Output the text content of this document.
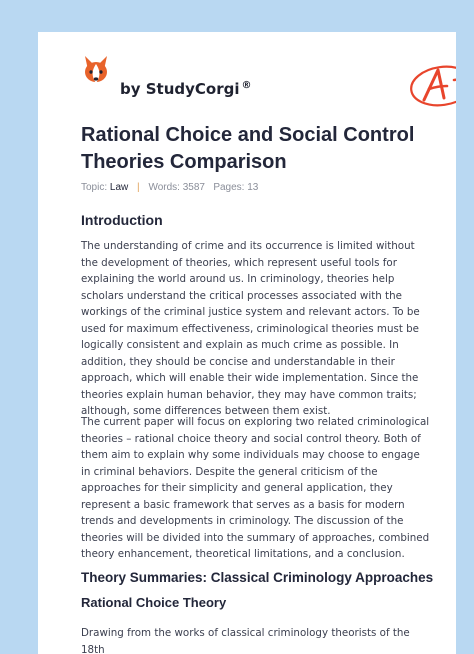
by StudyCorgi ®
Rational Choice and Social Control Theories Comparison
Topic: Law | Words: 3587 Pages: 13
Introduction

The understanding of crime and its occurrence is limited without the development of theories, which represent useful tools for explaining the world around us. In criminology, theories help scholars understand the critical processes associated with the workings of the criminal justice system and relevant actors. To be used for maximum effectiveness, criminological theories must be logically consistent and explain as much crime as possible. In addition, they should be concise and understandable in their approach, which will enable their wide implementation. Since the theories explain human behavior, they may have common traits; although, some differences between them exist.

The current paper will focus on exploring two related criminological theories – rational choice theory and social control theory. Both of them aim to explain why some individuals may choose to engage in criminal behaviors. Despite the general criticism of the approaches for their simplicity and general application, they represent a basic framework that serves as a basis for modern trends and developments in criminology. The discussion of the theories will be divided into the summary of approaches, combined theory enhancement, theoretical limitations, and a conclusion.

Theory Summaries: Classical Criminology Approaches
Rational Choice Theory

Drawing from the works of classical criminology theorists of the 18th
